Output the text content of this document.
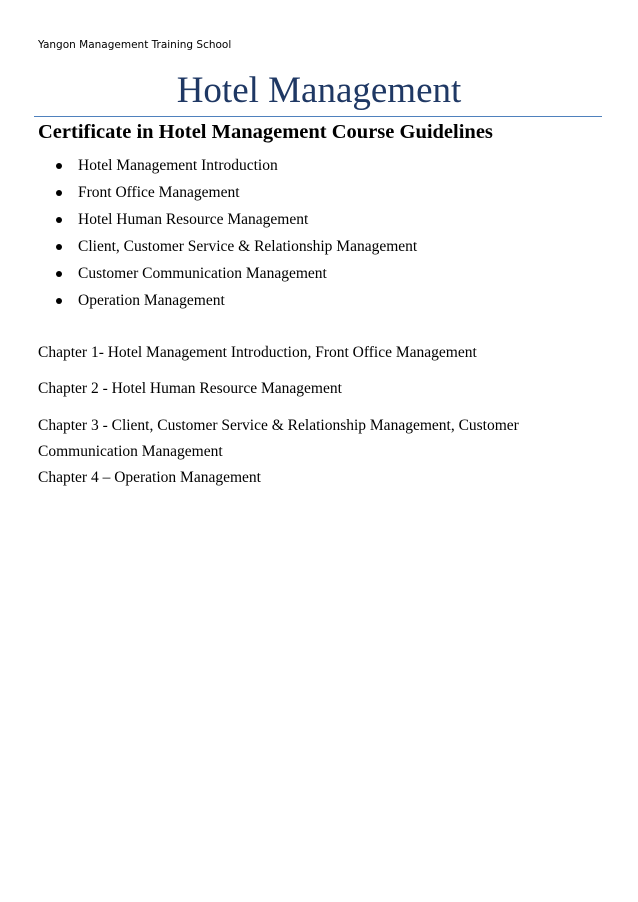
Yangon Management Training School
Hotel Management
Certificate in Hotel Management Course Guidelines
Hotel Management Introduction
Front Office Management
Hotel Human Resource Management
Client, Customer Service & Relationship Management
Customer Communication Management
Operation Management
Chapter 1- Hotel Management Introduction, Front Office Management
Chapter 2 - Hotel Human Resource Management
Chapter 3 - Client, Customer Service & Relationship Management, Customer
Communication Management
Chapter 4 – Operation Management
